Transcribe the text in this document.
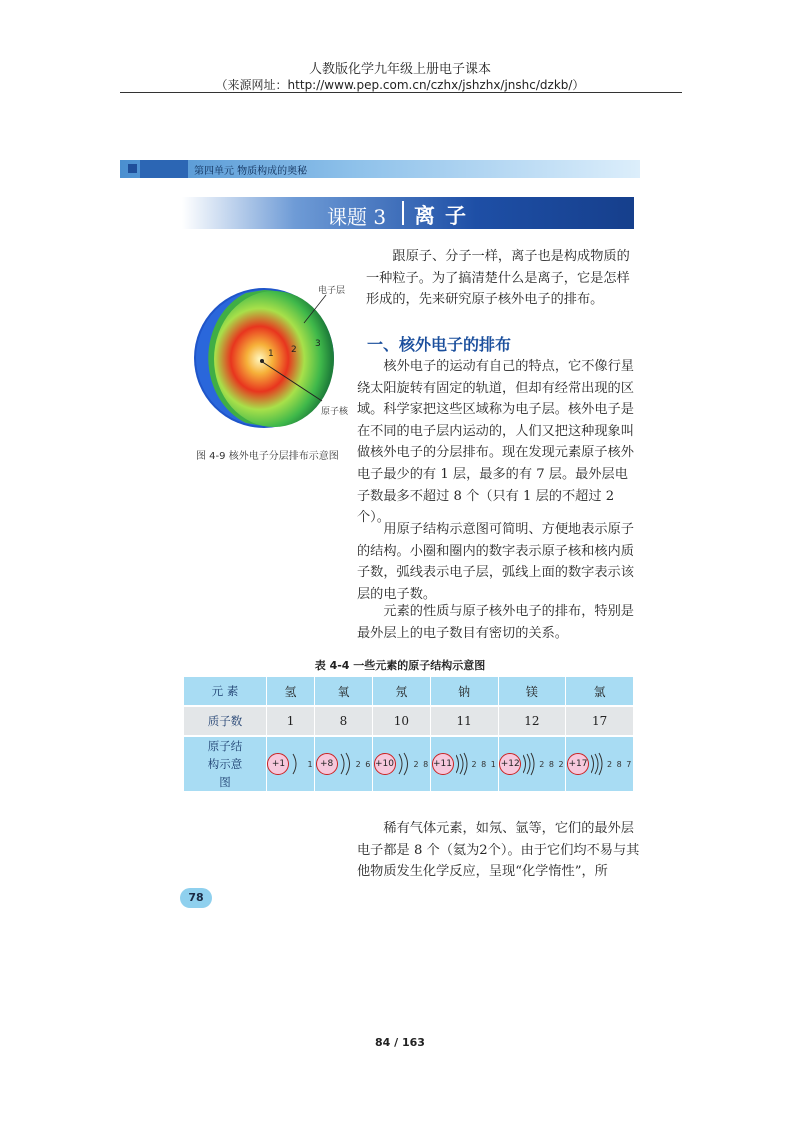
人教版化学九年级上册电子课本
（来源网址：http://www.pep.com.cn/czhx/jshzhx/jnshc/dzkb/）
第四单元 物质构成的奥秘
课题 3 离子
电子层
原子核
1 2
3
图 4-9 核外电子分层排布示意图
跟原子、分子一样，离子也是构成物质的一种粒子。为了搞清楚什么是离子，它是怎样形成的，先来研究原子核外电子的排布。
一、核外电子的排布
核外电子的运动有自己的特点，它不像行星绕太阳旋转有固定的轨道，但却有经常出现的区域。科学家把这些区域称为电子层。核外电子是在不同的电子层内运动的，人们又把这种现象叫做核外电子的分层排布。现在发现元素原子核外电子最少的有 1 层，最多的有 7 层。最外层电子数最多不超过 8 个（只有 1 层的不超过 2 个）。
用原子结构示意图可简明、方便地表示原子的结构。小圈和圈内的数字表示原子核和核内质子数，弧线表示电子层，弧线上面的数字表示该层的电子数。
元素的性质与原子核外电子的排布，特别是最外层上的电子数目有密切的关系。
表 4-4 一些元素的原子结构示意图
元 素	氢	氧	氖	钠	镁	氯
质子数	1	8	10	11	12	17
原子结构示意图	+1 1	+8 2 6	+10 2 8	+11 2 8 1	+12 2 8 2	+17 2 8 7
稀有气体元素，如氖、氩等，它们的最外层电子都是 8 个（氦为2个）。由于它们均不易与其他物质发生化学反应，呈现“化学惰性”，所
78
84 / 163
